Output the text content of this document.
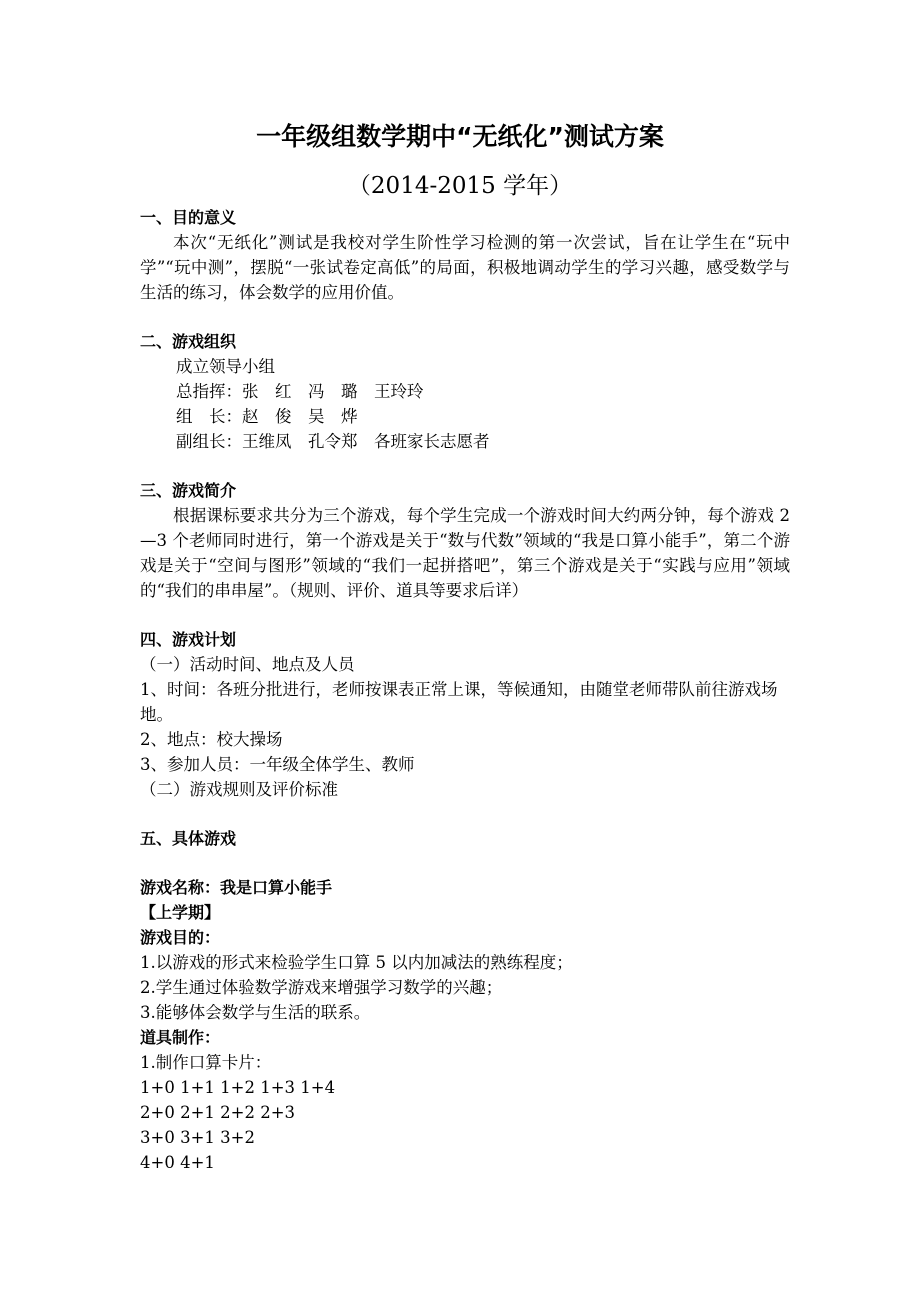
一年级组数学期中“无纸化”测试方案
（2014-2015 学年）
一、目的意义
本次“无纸化”测试是我校对学生阶性学习检测的第一次尝试，旨在让学生在“玩中学”“玩中测”，摆脱“一张试卷定高低”的局面，积极地调动学生的学习兴趣，感受数学与生活的练习，体会数学的应用价值。
二、游戏组织
成立领导小组
总指挥：张　红　冯　璐　王玲玲
组　长：赵　俊　吴　烨
副组长：王维凤　孔令郑　各班家长志愿者
三、游戏简介
根据课标要求共分为三个游戏，每个学生完成一个游戏时间大约两分钟，每个游戏 2—3 个老师同时进行，第一个游戏是关于“数与代数”领域的“我是口算小能手”，第二个游戏是关于“空间与图形”领域的“我们一起拼搭吧”，第三个游戏是关于“实践与应用”领域的“我们的串串屋”。（规则、评价、道具等要求后详）
四、游戏计划
（一）活动时间、地点及人员
1、时间：各班分批进行，老师按课表正常上课，等候通知，由随堂老师带队前往游戏场地。
2、地点：校大操场
3、参加人员：一年级全体学生、教师
（二）游戏规则及评价标准
五、具体游戏
游戏名称：我是口算小能手
【上学期】
游戏目的：
1.以游戏的形式来检验学生口算 5 以内加减法的熟练程度；
2.学生通过体验数学游戏来增强学习数学的兴趣；
3.能够体会数学与生活的联系。
道具制作：
1.制作口算卡片：
1+0 1+1 1+2 1+3 1+4
2+0 2+1 2+2 2+3
3+0 3+1 3+2
4+0 4+1
